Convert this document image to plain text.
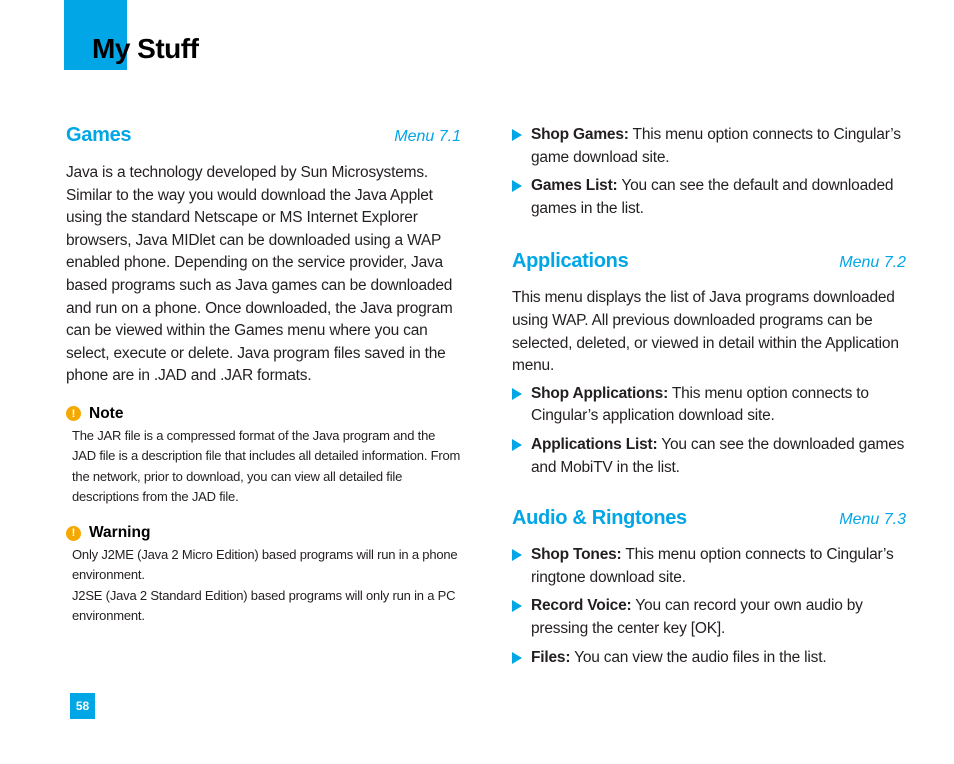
My Stuff
Games	Menu 7.1

Java is a technology developed by Sun Microsystems. Similar to the way you would download the Java Applet using the standard Netscape or MS Internet Explorer browsers, Java MIDlet can be downloaded using a WAP enabled phone. Depending on the service provider, Java based programs such as Java games can be downloaded and run on a phone. Once downloaded, the Java program can be viewed within the Games menu where you can select, execute or delete. Java program files saved in the phone are in .JAD and .JAR formats.

! Note

The JAR file is a compressed format of the Java program and the JAD file is a description file that includes all detailed information. From the network, prior to download, you can view all detailed file descriptions from the JAD file.

! Warning

Only J2ME (Java 2 Micro Edition) based programs will run in a phone environment.

J2SE (Java 2 Standard Edition) based programs will only run in a PC environment.

Shop Games: This menu option connects to Cingular’s game download site.
Games List: You can see the default and downloaded games in the list.
Applications	Menu 7.2

This menu displays the list of Java programs downloaded using WAP. All previous downloaded programs can be selected, deleted, or viewed in detail within the Application menu.

Shop Applications: This menu option connects to Cingular’s application download site.
Applications List: You can see the downloaded games and MobiTV in the list.
Audio & Ringtones	Menu 7.3
Shop Tones: This menu option connects to Cingular’s ringtone download site.
Record Voice: You can record your own audio by pressing the center key [OK].
Files: You can view the audio files in the list.
58
